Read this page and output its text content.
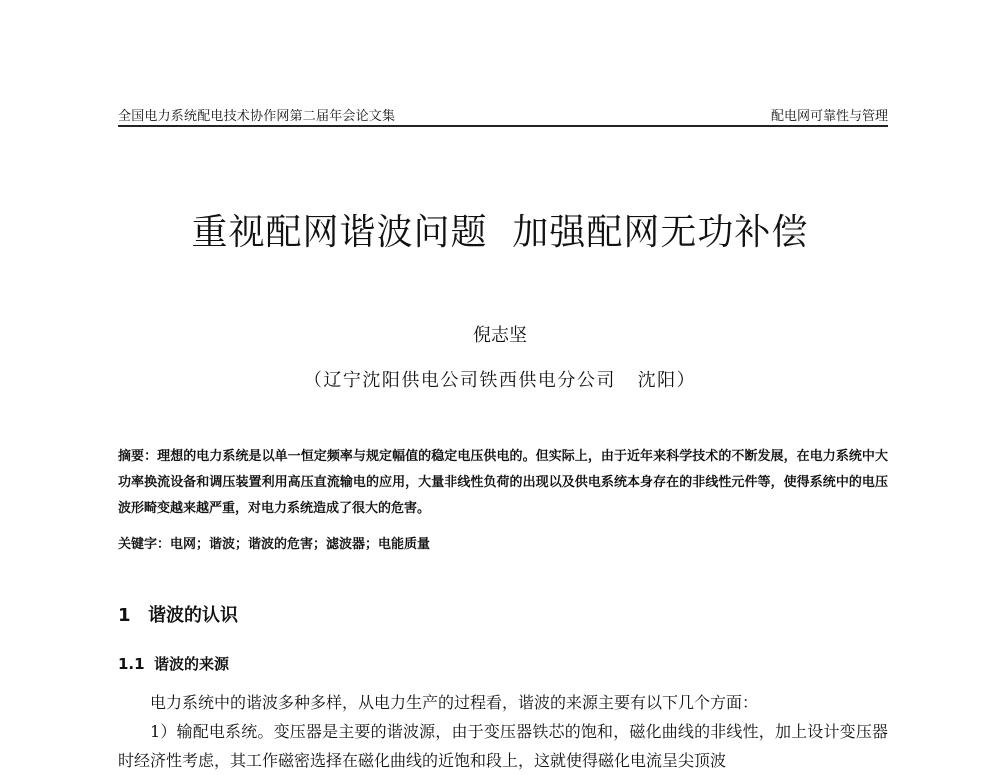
全国电力系统配电技术协作网第二届年会论文集	配电网可靠性与管理
重视配网谐波问题  加强配网无功补偿
倪志坚
（辽宁沈阳供电公司铁西供电分公司   沈阳）
摘要：理想的电力系统是以单一恒定频率与规定幅值的稳定电压供电的。但实际上，由于近年来科学技术的不断发展，在电力系统中大功率换流设备和调压装置利用高压直流输电的应用，大量非线性负荷的出现以及供电系统本身存在的非线性元件等，使得系统中的电压波形畸变越来越严重，对电力系统造成了很大的危害。
关键字：电网；谐波；谐波的危害；滤波器；电能质量
1 谐波的认识
1.1 谐波的来源

电力系统中的谐波多种多样，从电力生产的过程看，谐波的来源主要有以下几个方面：

1）输配电系统。变压器是主要的谐波源，由于变压器铁芯的饱和，磁化曲线的非线性，加上设计变压器时经济性考虑，其工作磁密选择在磁化曲线的近饱和段上，这就使得磁化电流呈尖顶波
